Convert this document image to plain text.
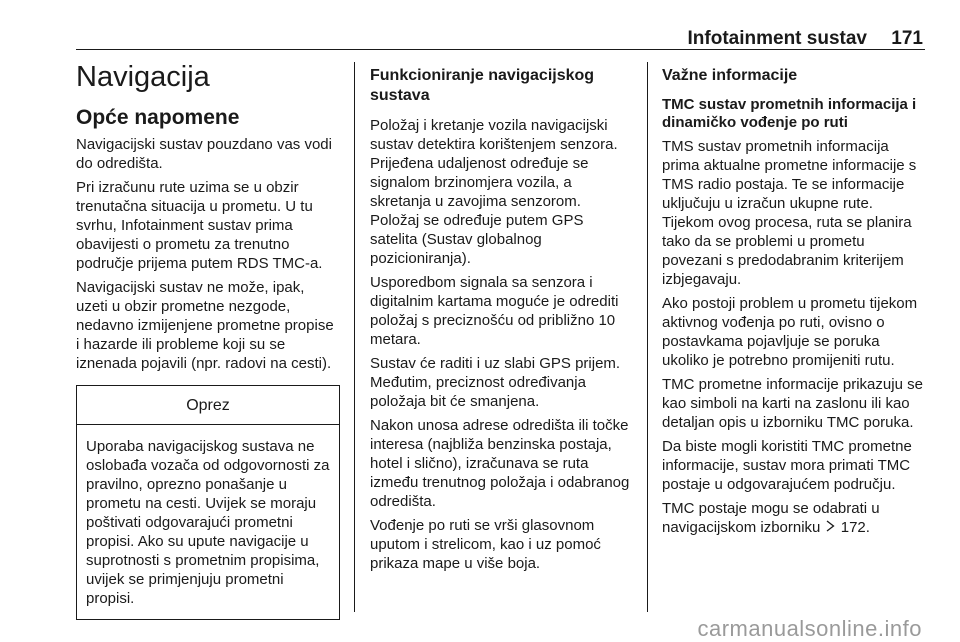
Infotainment sustav 171
Navigacija
Opće napomene

Navigacijski sustav pouzdano vas vodi do odredišta.

Pri izračunu rute uzima se u obzir trenutačna situacija u prometu. U tu svrhu, Infotainment sustav prima obavijesti o prometu za trenutno područje prijema putem RDS TMC-a.

Navigacijski sustav ne može, ipak, uzeti u obzir prometne nezgode, nedavno izmijenjene prometne propise i hazarde ili probleme koji su se iznenada pojavili (npr. radovi na cesti).

Oprez
Uporaba navigacijskog sustava ne oslobađa vozača od odgovornosti za pravilno, oprezno ponašanje u prometu na cesti. Uvijek se moraju poštivati odgovarajući prometni propisi. Ako su upute navigacije u suprotnosti s prometnim propisima, uvijek se primjenjuju prometni propisi.
Funkcioniranje navigacijskog sustava

Položaj i kretanje vozila navigacijski sustav detektira korištenjem senzora. Prijeđena udaljenost određuje se signalom brzinomjera vozila, a skretanja u zavojima senzorom. Položaj se određuje putem GPS satelita (Sustav globalnog pozicioniranja).

Usporedbom signala sa senzora i digitalnim kartama moguće je odrediti položaj s preciznošću od približno 10 metara.

Sustav će raditi i uz slabi GPS prijem. Međutim, preciznost određivanja položaja bit će smanjena.

Nakon unosa adrese odredišta ili točke interesa (najbliža benzinska postaja, hotel i slično), izračunava se ruta između trenutnog položaja i odabranog odredišta.

Vođenje po ruti se vrši glasovnom uputom i strelicom, kao i uz pomoć prikaza mape u više boja.

Važne informacije
TMC sustav prometnih informacija i dinamičko vođenje po ruti

TMS sustav prometnih informacija prima aktualne prometne informacije s TMS radio postaja. Te se informacije uključuju u izračun ukupne rute. Tijekom ovog procesa, ruta se planira tako da se problemi u prometu povezani s predodabranim kriterijem izbjegavaju.

Ako postoji problem u prometu tijekom aktivnog vođenja po ruti, ovisno o postavkama pojavljuje se poruka ukoliko je potrebno promijeniti rutu.

TMC prometne informacije prikazuju se kao simboli na karti na zaslonu ili kao detaljan opis u izborniku TMC poruka.

Da biste mogli koristiti TMC prometne informacije, sustav mora primati TMC postaje u odgovarajućem području.

TMC postaje mogu se odabrati u navigacijskom izborniku 172.

carmanualsonline.info
